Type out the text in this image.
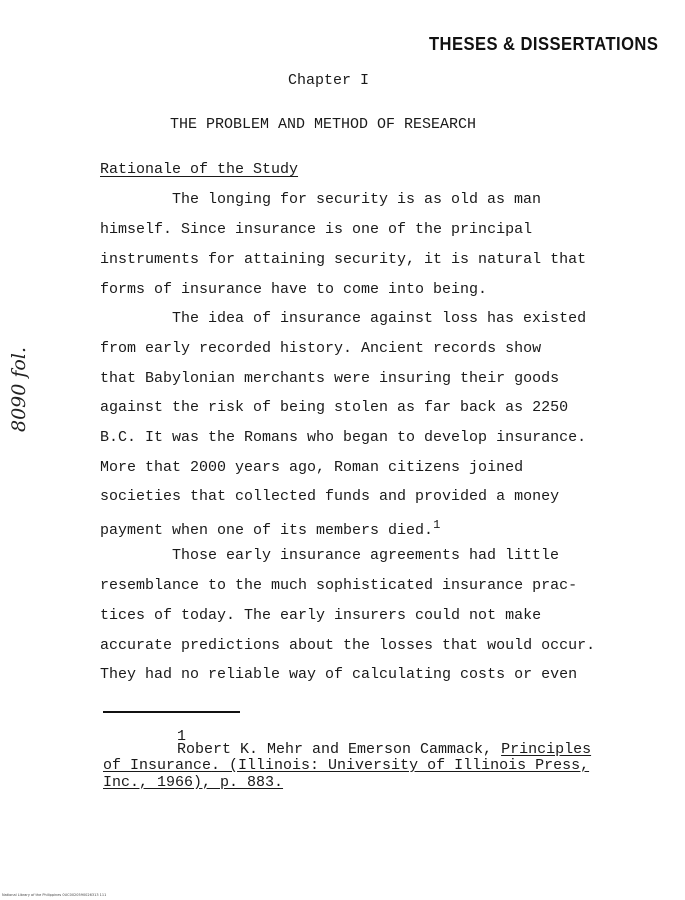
THESES & DISSERTATIONS
Chapter I
THE PROBLEM AND METHOD OF RESEARCH
Rationale of the Study
The longing for security is as old as man
himself. Since insurance is one of the principal
instruments for attaining security, it is natural that
forms of insurance have to come into being.
The idea of insurance against loss has existed
from early recorded history. Ancient records show
that Babylonian merchants were insuring their goods
against the risk of being stolen as far back as 2250
B.C. It was the Romans who began to develop insurance.
More that 2000 years ago, Roman citizens joined
societies that collected funds and provided a money
payment when one of its members died.$^1$
Those early insurance agreements had little
resemblance to the much sophisticated insurance prac-
tices of today. The early insurers could not make
accurate predictions about the losses that would occur.
They had no reliable way of calculating costs or even
1
Robert K. Mehr and Emerson Cammack, Principles
of Insurance. (Illinois: University of Illinois Press,
Inc., 1966), p. 883.
8090 fol.
National Library of the Philippines 0UC0020590026313 111
